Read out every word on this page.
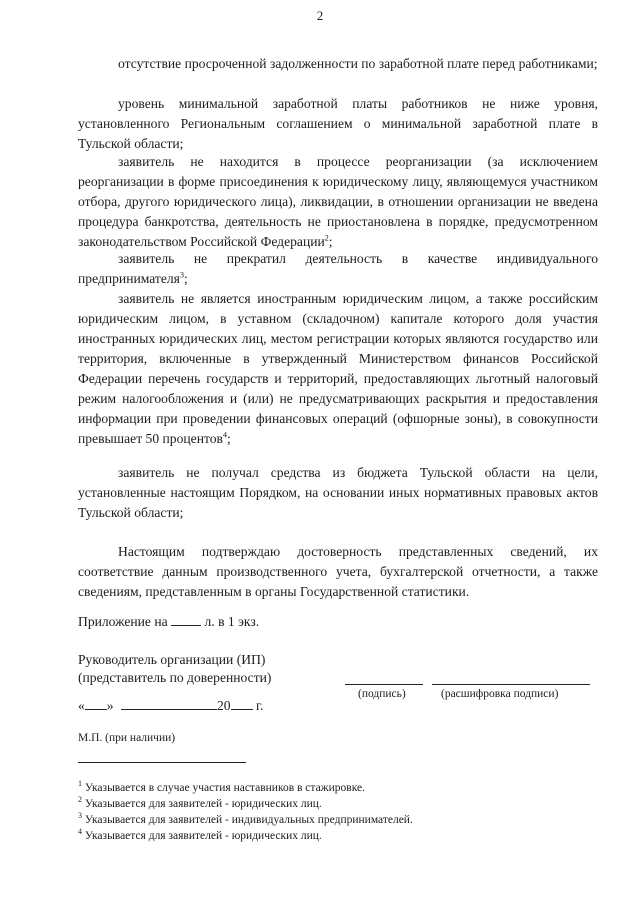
2

отсутствие просроченной задолженности по заработной плате перед работниками;

уровень минимальной заработной платы работников не ниже уровня, установленного Региональным соглашением о минимальной заработной плате в Тульской области;

заявитель не находится в процессе реорганизации (за исключением реорганизации в форме присоединения к юридическому лицу, являющемуся участником отбора, другого юридического лица), ликвидации, в отношении организации не введена процедура банкротства, деятельность не приостановлена в порядке, предусмотренном законодательством Российской Федерации$^2$;

заявитель не прекратил деятельность в качестве индивидуального предпринимателя$^3$;

заявитель не является иностранным юридическим лицом, а также российским юридическим лицом, в уставном (складочном) капитале которого доля участия иностранных юридических лиц, местом регистрации которых являются государство или территория, включенные в утвержденный Министерством финансов Российской Федерации перечень государств и территорий, предоставляющих льготный налоговый режим налогообложения и (или) не предусматривающих раскрытия и предоставления информации при проведении финансовых операций (офшорные зоны), в совокупности превышает 50 процентов$^4$;

заявитель не получал средства из бюджета Тульской области на цели, установленные настоящим Порядком, на основании иных нормативных правовых актов Тульской области;

Настоящим подтверждаю достоверность представленных сведений, их соответствие данным производственного учета, бухгалтерской отчетности, а также сведениям, представленным в органы Государственной статистики.

Приложение на	л. в 1 экз.
Руководитель организации (ИП)
(представитель по доверенности)
(подпись)	(расшифровка подписи)
« »	20 г.
М.П. (при наличии)
$^1$ Указывается в случае участия наставников в стажировке.
$^2$ Указывается для заявителей - юридических лиц.
$^3$ Указывается для заявителей - индивидуальных предпринимателей.
$^4$ Указывается для заявителей - юридических лиц.
